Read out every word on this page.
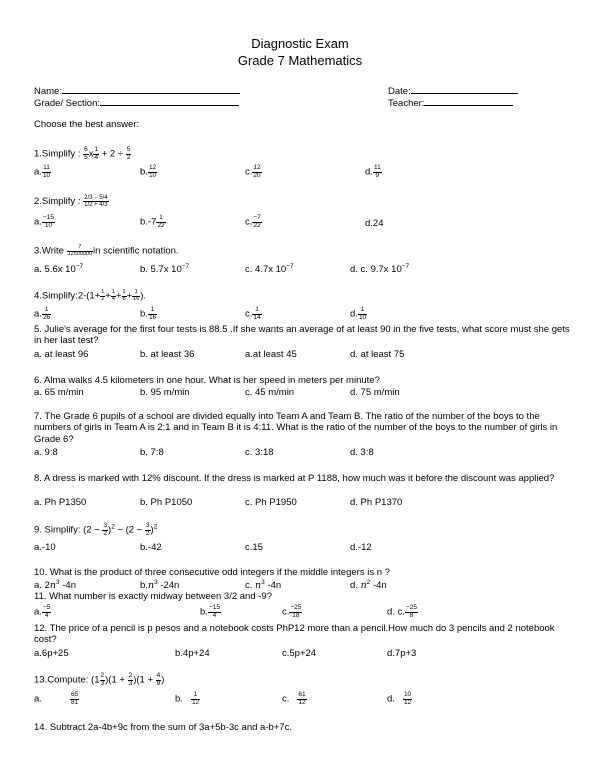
Diagnostic Exam
Grade 7 Mathematics
Name:	Date:
Grade/ Section:	Teacher:
Choose the best answer:
1.Simplify : $\frac{6}{5}$ x $\frac{1}{4} + 2 \div \frac{5}{2}$
a. $\frac{11}{10}$	b. $\frac{12}{10}$	c. $\frac{12}{20}$	d. $\frac{11}{9}$
2.Simplify : $\frac{2/3 - 5/4}{1/2 + 4/3}$
a. $\frac{-15}{10}$	$b.-7 \frac{1}{22}$	c. $\frac{-7}{22}$	d.24
3.Write $\frac{7}{12500000}$ in scientific notation.
a. 5.6x $10^{-7}$	b. 5.7x $10^{-7}$	c. 4.7x $10^{-7}$	d. c. 9.7x $10^{-7}$
4.Simplify:2-(1+ $\frac{1}{2} + \frac{1}{4} + \frac{1}{8} + \frac{1}{16}$ ).
a. $\frac{1}{26}$	b. $\frac{1}{16}$	c. $\frac{1}{14}$	d. $\frac{1}{10}$
5. Julie's average for the first four tests is 88.5 .If she wants an average of at least 90 in the five tests, what score must she gets in her last test?
a. at least 96	b. at least 36	a.at least 45	d. at least 75
6. Alma walks 4.5 kilometers in one hour. What is her speed in meters per minute?
a. 65 m/min	b. 95 m/min	c. 45 m/min	d. 75 m/min
7. The Grade 6 pupils of a school are divided equally into Team A and Team B. The ratio of the number of the boys to the numbers of girls in Team A is 2:1 and in Team B it is 4:11. What is the ratio of the number of the boys to the number of girls in Grade 6?
a. 9:8	b. 7:8	c. 3:18	d. 3:8
8. A dress is marked with 12% discount. If the dress is marked at P 1188, how much was it before the discount was applied?
a. Ph P1350	b. Ph P1050	c. Ph P1950	d. Ph P1370
9. Simplify: $(2 - \frac{3}{2} )^2 - (2 - \frac{3}{2} )^2$
a.-10	b.-42	c.15	d.-12
10. What is the product of three consecutive odd integers if the middle integers is n ?
a. $2n^3$ -4n	$b.n^3$ -24n	c. $n^3$ -4n	d. $n^2$ -4n
11. What number is exactly midway between 3/2 and -9?
a. $\frac{-5}{4}$	b. $\frac{-15}{4}$	c. $\frac{-25}{18}$	d. c. $\frac{-25}{8}$
12. The price of a pencil is p pesos and a notebook costs PhP12 more than a pencil.How much do 3 pencils and 2 notebook cost?
a.6p+25	b.4p+24	c.5p+24	d.7p+3
13.Compute: $(1 \frac{2}{3} )(1 + \frac{2}{3} )(1 + \frac{4}{9}$ )
a.	$\frac{65}{81}$	b. $\frac{1}{12}$	c. $\frac{61}{12}$	d. $\frac{10}{12}$
14. Subtract 2a-4b+9c from the sum of 3a+5b-3c and a-b+7c.
